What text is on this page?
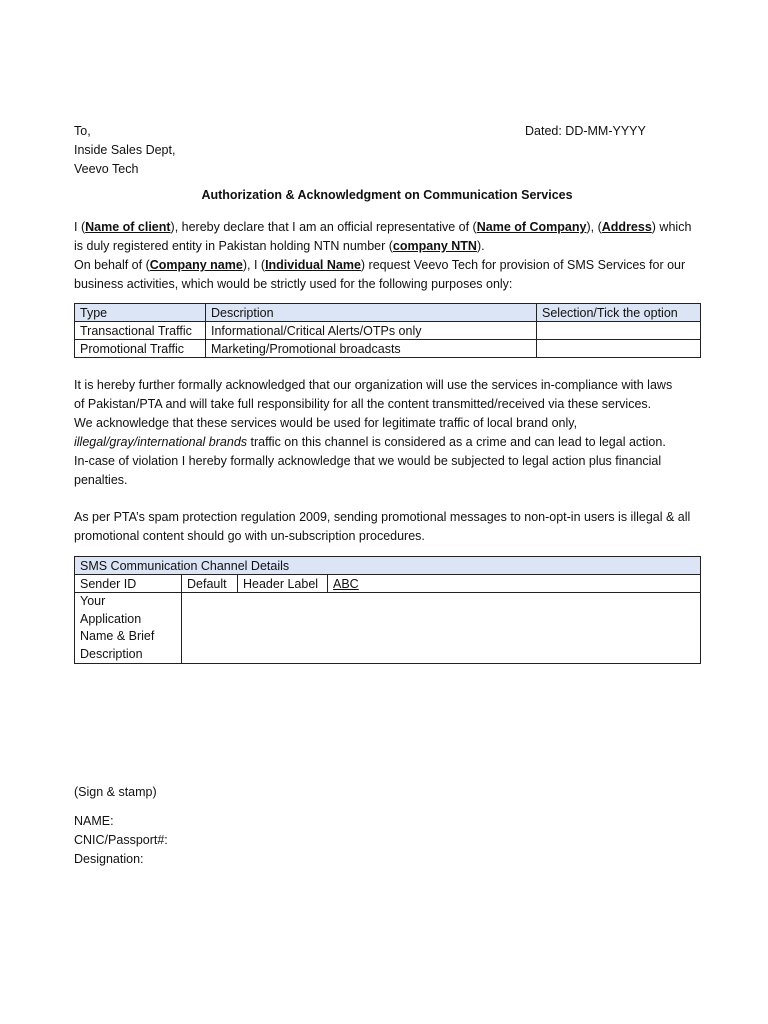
To,	Dated: DD-MM-YYYY
Inside Sales Dept,
Veevo Tech
Authorization & Acknowledgment on Communication Services
I (Name of client), hereby declare that I am an official representative of (Name of Company), (Address) which
is duly registered entity in Pakistan holding NTN number (company NTN).
On behalf of (Company name), I (Individual Name) request Veevo Tech for provision of SMS Services for our
business activities, which would be strictly used for the following purposes only:
Type	Description	Selection/Tick the option
Transactional Traffic	Informational/Critical Alerts/OTPs only	
Promotional Traffic	Marketing/Promotional broadcasts	
It is hereby further formally acknowledged that our organization will use the services in-compliance with laws
of Pakistan/PTA and will take full responsibility for all the content transmitted/received via these services.
We acknowledge that these services would be used for legitimate traffic of local brand only,
illegal/gray/international brands traffic on this channel is considered as a crime and can lead to legal action.
In-case of violation I hereby formally acknowledge that we would be subjected to legal action plus financial
penalties.
As per PTA’s spam protection regulation 2009, sending promotional messages to non-opt-in users is illegal & all
promotional content should go with un-subscription procedures.
SMS Communication Channel Details			
Sender ID	Default	Header Label	ABC

Your
Application
Name & Brief
Description			

(Sign & stamp)
NAME:
CNIC/Passport#:
Designation:
